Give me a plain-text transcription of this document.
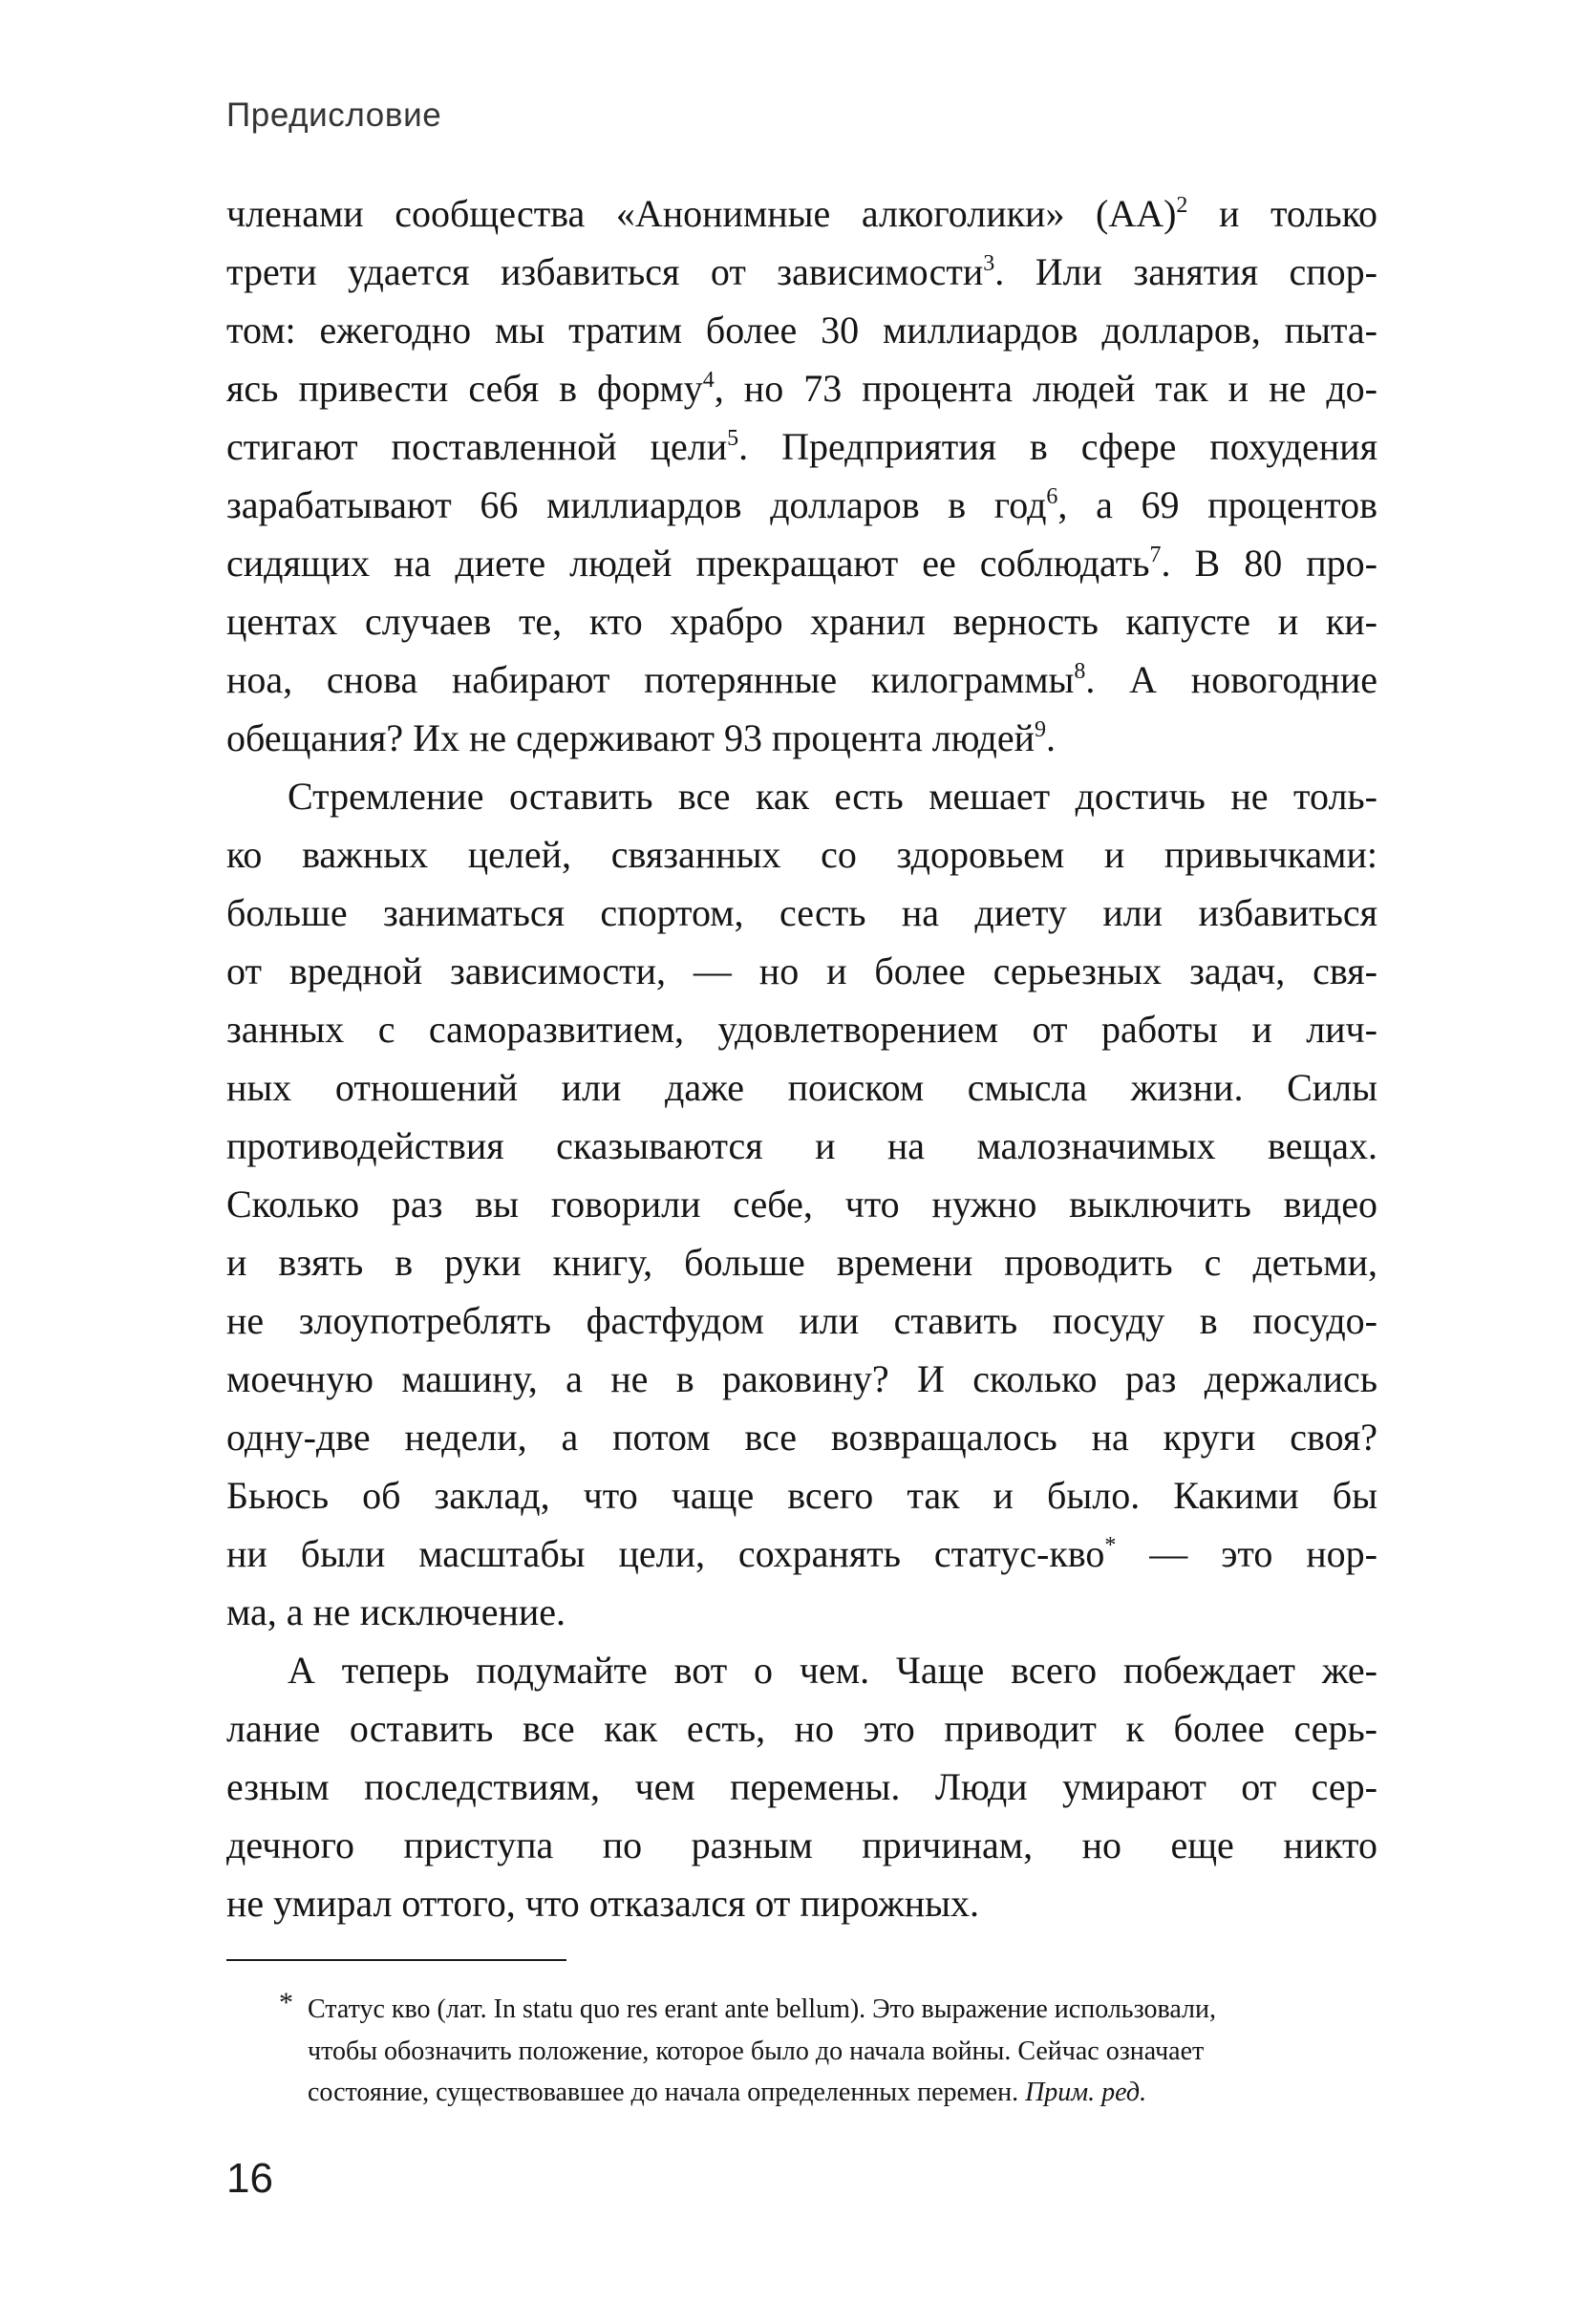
Предисловие
членами сообщества «Анонимные алкоголики» (АА)$^2$ и только
трети удается избавиться от зависимости$^3$. Или занятия спор-
том: ежегодно мы тратим более 30 миллиардов долларов, пыта-
ясь привести себя в форму$^4$, но 73 процента людей так и не до-
стигают поставленной цели$^5$. Предприятия в сфере похудения
зарабатывают 66 миллиардов долларов в год$^6$, а 69 процентов
сидящих на диете людей прекращают ее соблюдать$^7$. В 80 про-
центах случаев те, кто храбро хранил верность капусте и ки-
ноа, снова набирают потерянные килограммы$^8$. А новогодние
обещания? Их не сдерживают 93 процента людей$^9$.
Стремление оставить все как есть мешает достичь не толь-
ко важных целей, связанных со здоровьем и привычками:
больше заниматься спортом, сесть на диету или избавиться
от вредной зависимости, — но и более серьезных задач, свя-
занных с саморазвитием, удовлетворением от работы и лич-
ных отношений или даже поиском смысла жизни. Силы
противодействия сказываются и на малозначимых вещах.
Сколько раз вы говорили себе, что нужно выключить видео
и взять в руки книгу, больше времени проводить с детьми,
не злоупотреблять фастфудом или ставить посуду в посудо-
моечную машину, а не в раковину? И сколько раз держались
одну-две недели, а потом все возвращалось на круги своя?
Бьюсь об заклад, что чаще всего так и было. Какими бы
ни были масштабы цели, сохранять статус-кво* — это нор-
ма, а не исключение.
А теперь подумайте вот о чем. Чаще всего побеждает же-
лание оставить все как есть, но это приводит к более серь-
езным последствиям, чем перемены. Люди умирают от сер-
дечного приступа по разным причинам, но еще никто
не умирал оттого, что отказался от пирожных.
* Статус кво (лат. In statu quo res erant ante bellum). Это выражение использовали,
чтобы обозначить положение, которое было до начала войны. Сейчас означает
состояние, существовавшее до начала определенных перемен. Прим. ред.
16
